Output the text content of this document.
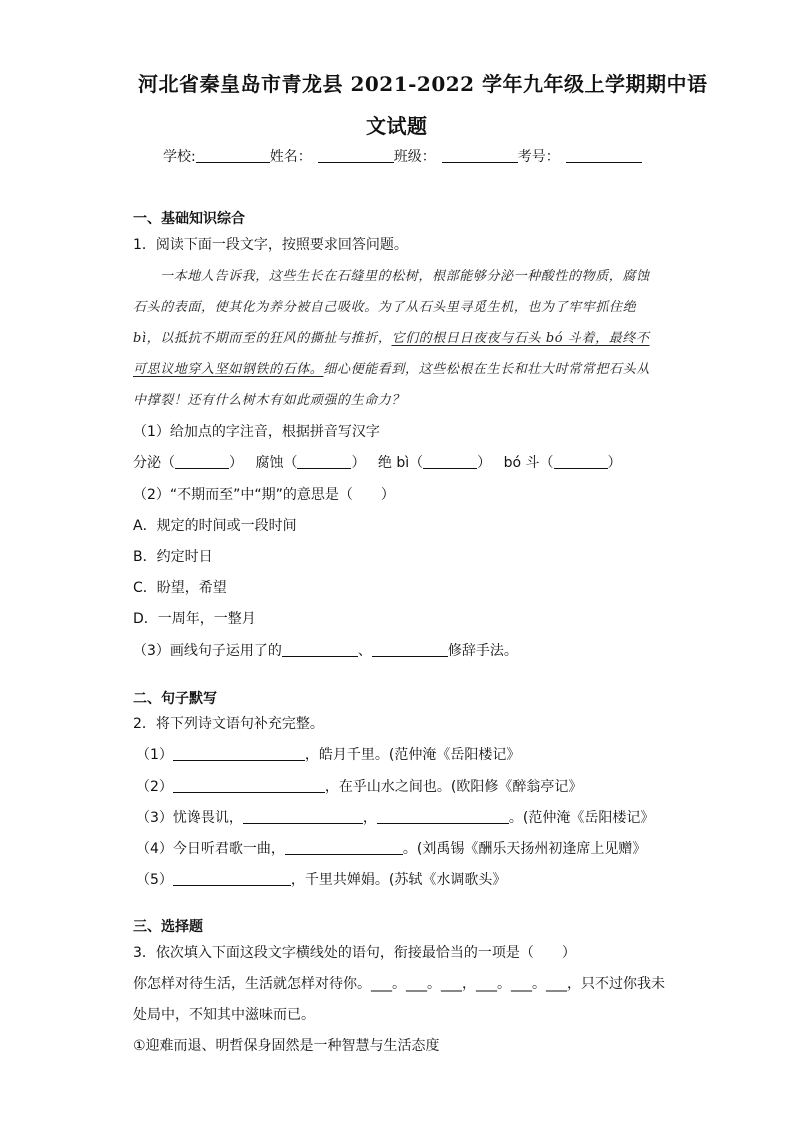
河北省秦皇岛市青龙县 2021-2022 学年九年级上学期期中语
文试题
学校:	姓名：	班级：	考号：
一、基础知识综合
1．阅读下面一段文字，按照要求回答问题。
一本地人告诉我，这些生长在石缝里的松树，根部能够分泌一种酸性的物质，腐蚀
石头的表面，使其化为养分被自己吸收。为了从石头里寻觅生机，也为了牢牢抓住绝
bì，以抵抗不期而至的狂风的撕扯与推折，它们的根日日夜夜与石头 bó 斗着，最终不
可思议地穿入坚如钢铁的石体。细心便能看到，这些松根在生长和壮大时常常把石头从
中撑裂！还有什么树木有如此顽强的生命力？
（1）给加点的字注音，根据拼音写汉字
分泌（	） 腐蚀（	） 绝 bì（	） bó 斗（	）
（2）“不期而至”中“期”的意思是（　　）
A．规定的时间或一段时间
B．约定时日
C．盼望，希望
D．一周年，一整月
（3）画线句子运用了的	、	修辞手法。
二、句子默写
2．将下列诗文语句补充完整。
（1）	，皓月千里。(范仲淹《岳阳楼记》
（2）	，在乎山水之间也。(欧阳修《醉翁亭记》
（3）忧谗畏讥，	，	。(范仲淹《岳阳楼记》
（4）今日听君歌一曲，	。(刘禹锡《酬乐天扬州初逢席上见赠》
（5）	，千里共婵娟。(苏轼《水调歌头》
三、选择题
3．依次填入下面这段文字横线处的语句，衔接最恰当的一项是（　　）
你怎样对待生活，生活就怎样对待你。___。___。___，___。___。___，只不过你我未
处局中，不知其中滋味而已。
①迎难而退、明哲保身固然是一种智慧与生活态度
